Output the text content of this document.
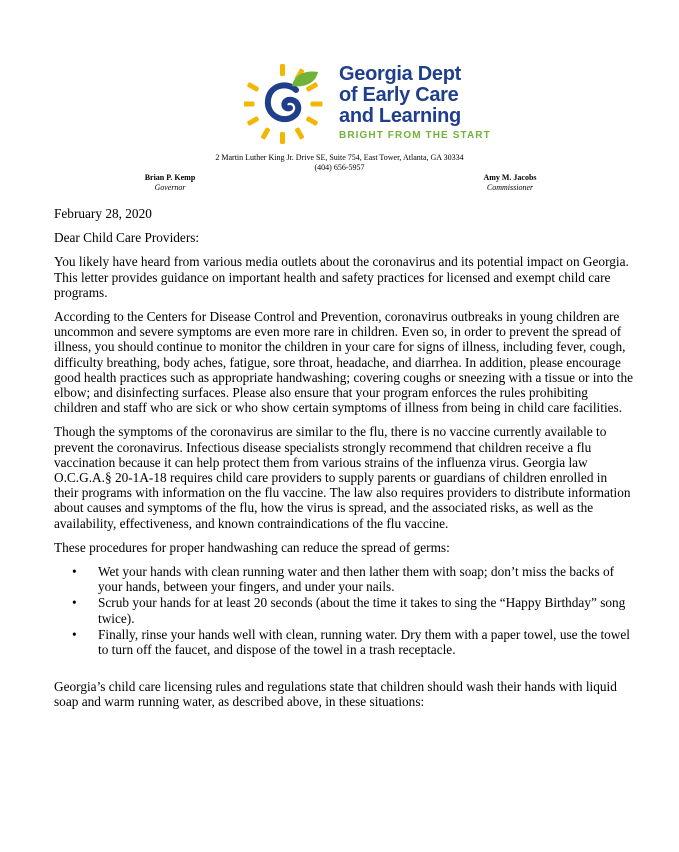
Georgia Dept
of Early Care
and Learning
BRIGHT FROM THE START
2 Martin Luther King Jr. Drive SE, Suite 754, East Tower, Atlanta, GA 30334
(404) 656-5957
Brian P. Kemp
Governor
Amy M. Jacobs
Commissioner

February 28, 2020

Dear Child Care Providers:

You likely have heard from various media outlets about the coronavirus and its potential impact on Georgia. This letter provides guidance on important health and safety practices for licensed and exempt child care programs.

According to the Centers for Disease Control and Prevention, coronavirus outbreaks in young children are uncommon and severe symptoms are even more rare in children. Even so, in order to prevent the spread of illness, you should continue to monitor the children in your care for signs of illness, including fever, cough, difficulty breathing, body aches, fatigue, sore throat, headache, and diarrhea. In addition, please encourage good health practices such as appropriate handwashing; covering coughs or sneezing with a tissue or into the elbow; and disinfecting surfaces. Please also ensure that your program enforces the rules prohibiting children and staff who are sick or who show certain symptoms of illness from being in child care facilities.

Though the symptoms of the coronavirus are similar to the flu, there is no vaccine currently available to prevent the coronavirus. Infectious disease specialists strongly recommend that children receive a flu vaccination because it can help protect them from various strains of the influenza virus. Georgia law O.C.G.A.§ 20-1A-18 requires child care providers to supply parents or guardians of children enrolled in their programs with information on the flu vaccine. The law also requires providers to distribute information about causes and symptoms of the flu, how the virus is spread, and the associated risks, as well as the availability, effectiveness, and known contraindications of the flu vaccine.

These procedures for proper handwashing can reduce the spread of germs:

• Wet your hands with clean running water and then lather them with soap; don’t miss the backs of your hands, between your fingers, and under your nails.
• Scrub your hands for at least 20 seconds (about the time it takes to sing the “Happy Birthday” song twice).
• Finally, rinse your hands well with clean, running water. Dry them with a paper towel, use the towel to turn off the faucet, and dispose of the towel in a trash receptacle.

Georgia’s child care licensing rules and regulations state that children should wash their hands with liquid soap and warm running water, as described above, in these situations:
